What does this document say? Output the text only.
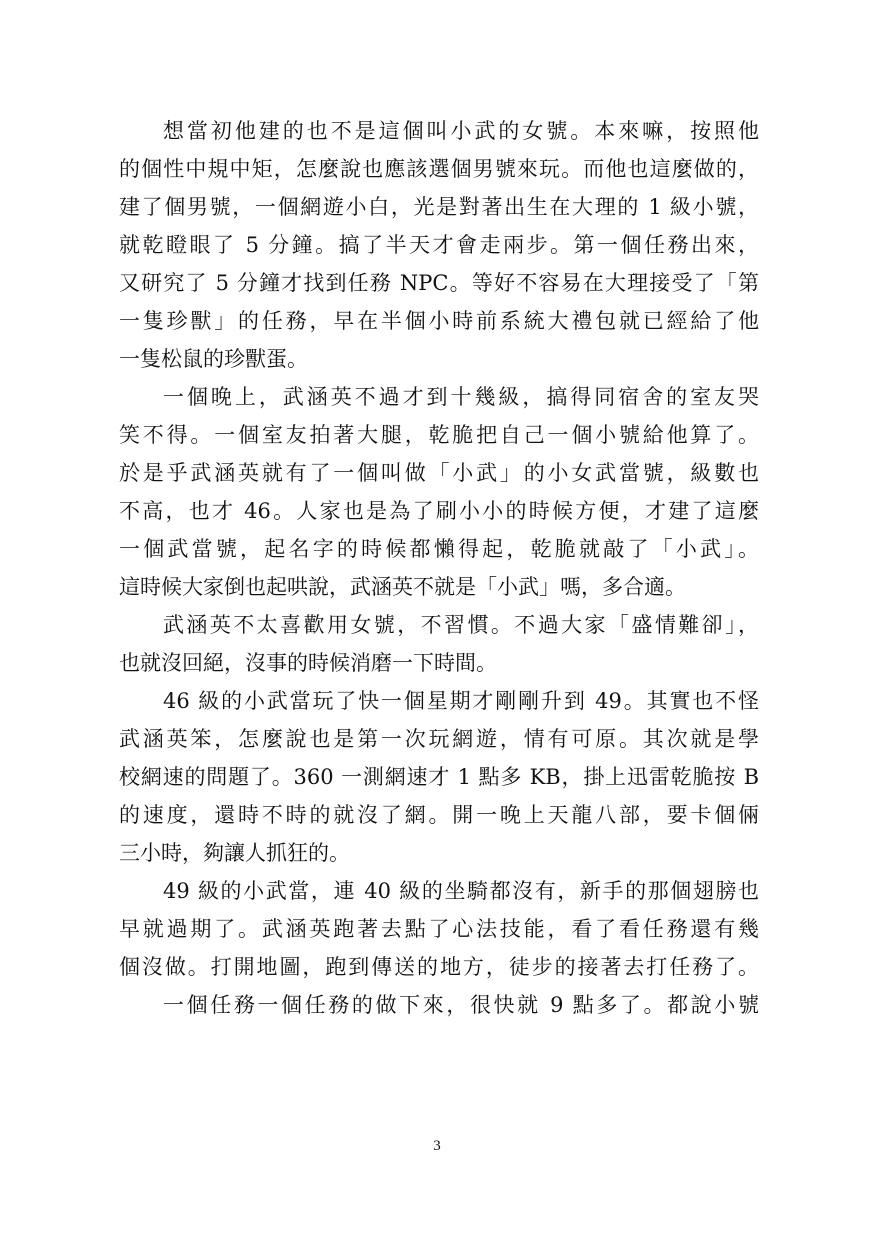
想當初他建的也不是這個叫小武的女號。本來嘛，按照他
的個性中規中矩，怎麼說也應該選個男號來玩。而他也這麼做的，
建了個男號，一個網遊小白，光是對著出生在大理的 1 級小號，
就乾瞪眼了 5 分鐘。搞了半天才會走兩步。第一個任務出來，
又研究了 5 分鐘才找到任務 NPC。等好不容易在大理接受了「第
一隻珍獸」的任務，早在半個小時前系統大禮包就已經給了他
一隻松鼠的珍獸蛋。
一個晚上，武涵英不過才到十幾級，搞得同宿舍的室友哭
笑不得。一個室友拍著大腿，乾脆把自己一個小號給他算了。
於是乎武涵英就有了一個叫做「小武」的小女武當號，級數也
不高，也才 46。人家也是為了刷小小的時候方便，才建了這麼
一個武當號，起名字的時候都懶得起，乾脆就敲了「小武」。
這時候大家倒也起哄說，武涵英不就是「小武」嗎，多合適。
武涵英不太喜歡用女號，不習慣。不過大家「盛情難卻」，
也就沒回絕，沒事的時候消磨一下時間。
46 級的小武當玩了快一個星期才剛剛升到 49。其實也不怪
武涵英笨，怎麼說也是第一次玩網遊，情有可原。其次就是學
校網速的問題了。360 一測網速才 1 點多 KB，掛上迅雷乾脆按 B
的速度，還時不時的就沒了網。開一晚上天龍八部，要卡個倆
三小時，夠讓人抓狂的。
49 級的小武當，連 40 級的坐騎都沒有，新手的那個翅膀也
早就過期了。武涵英跑著去點了心法技能，看了看任務還有幾
個沒做。打開地圖，跑到傳送的地方，徒步的接著去打任務了。
一個任務一個任務的做下來，很快就 9 點多了。都說小號
3
